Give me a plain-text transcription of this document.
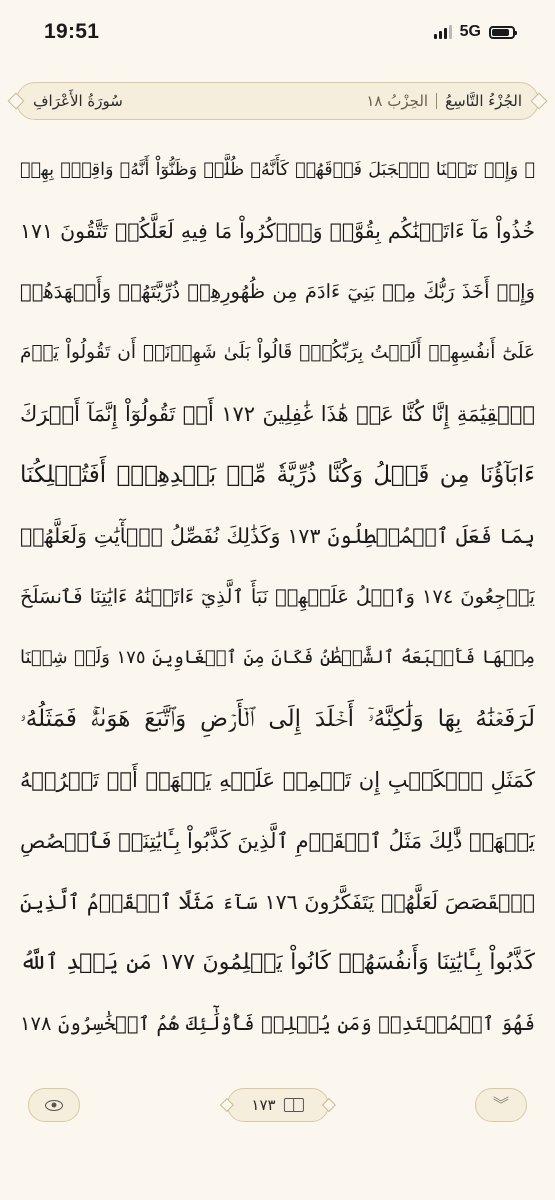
19:51	5G
الجُزْءُ التَّاسِعُ
الحِزْبُ ١٨
سُورَةُ الأَعْرَافِ
۞ وَإِذۡ نَتَقۡنَا ٱلۡجَبَلَ فَوۡقَهُمۡ كَأَنَّهُۥ ظُلَّةٞ وَظَنُّوٓاْ أَنَّهُۥ وَاقِعُۢ بِهِمۡ
خُذُواْ مَآ ءَاتَيۡنَٰكُم بِقُوَّةٖ وَٱذۡكُرُواْ مَا فِيهِ لَعَلَّكُمۡ تَتَّقُونَ ١٧١
وَإِذۡ أَخَذَ رَبُّكَ مِنۢ بَنِيٓ ءَادَمَ مِن ظُهُورِهِمۡ ذُرِّيَّتَهُمۡ وَأَشۡهَدَهُمۡ
عَلَىٰٓ أَنفُسِهِمۡ أَلَسۡتُ بِرَبِّكُمۡۖ قَالُواْ بَلَىٰ شَهِدۡنَآۚ أَن تَقُولُواْ يَوۡمَ
ٱلۡقِيَٰمَةِ إِنَّا كُنَّا عَنۡ هَٰذَا غَٰفِلِينَ ١٧٢ أَوۡ تَقُولُوٓاْ إِنَّمَآ أَشۡرَكَ
ءَابَآؤُنَا مِن قَبۡلُ وَكُنَّا ذُرِّيَّةٗ مِّنۢ بَعۡدِهِمۡۖ أَفَتُهۡلِكُنَا
بِمَا فَعَلَ ٱلۡمُبۡطِلُونَ ١٧٣ وَكَذَٰلِكَ نُفَصِّلُ ٱلۡأٓيَٰتِ وَلَعَلَّهُمۡ
يَرۡجِعُونَ ١٧٤ وَٱتۡلُ عَلَيۡهِمۡ نَبَأَ ٱلَّذِيٓ ءَاتَيۡنَٰهُ ءَايَٰتِنَا فَٱنسَلَخَ
مِنۡهَا فَأَتۡبَعَهُ ٱلشَّيۡطَٰنُ فَكَانَ مِنَ ٱلۡغَاوِينَ ١٧٥ وَلَوۡ شِئۡنَا
لَرَفَعۡنَٰهُ بِهَا وَلَٰكِنَّهُۥٓ أَخۡلَدَ إِلَى ٱلۡأَرۡضِ وَٱتَّبَعَ هَوَىٰهُۚ فَمَثَلُهُۥ
كَمَثَلِ ٱلۡكَلۡبِ إِن تَحۡمِلۡ عَلَيۡهِ يَلۡهَثۡ أَوۡ تَتۡرُكۡهُ
يَلۡهَثۚ ذَّٰلِكَ مَثَلُ ٱلۡقَوۡمِ ٱلَّذِينَ كَذَّبُواْ بِـَٔايَٰتِنَاۚ فَٱقۡصُصِ
ٱلۡقَصَصَ لَعَلَّهُمۡ يَتَفَكَّرُونَ ١٧٦ سَآءَ مَثَلًا ٱلۡقَوۡمُ ٱلَّذِينَ
كَذَّبُواْ بِـَٔايَٰتِنَا وَأَنفُسَهُمۡ كَانُواْ يَظۡلِمُونَ ١٧٧ مَن يَهۡدِ ٱللَّهُ
فَهُوَ ٱلۡمُهۡتَدِيۖ وَمَن يُضۡلِلۡ فَأُوْلَٰٓئِكَ هُمُ ٱلۡخَٰسِرُونَ ١٧٨
١٧٣	︾
